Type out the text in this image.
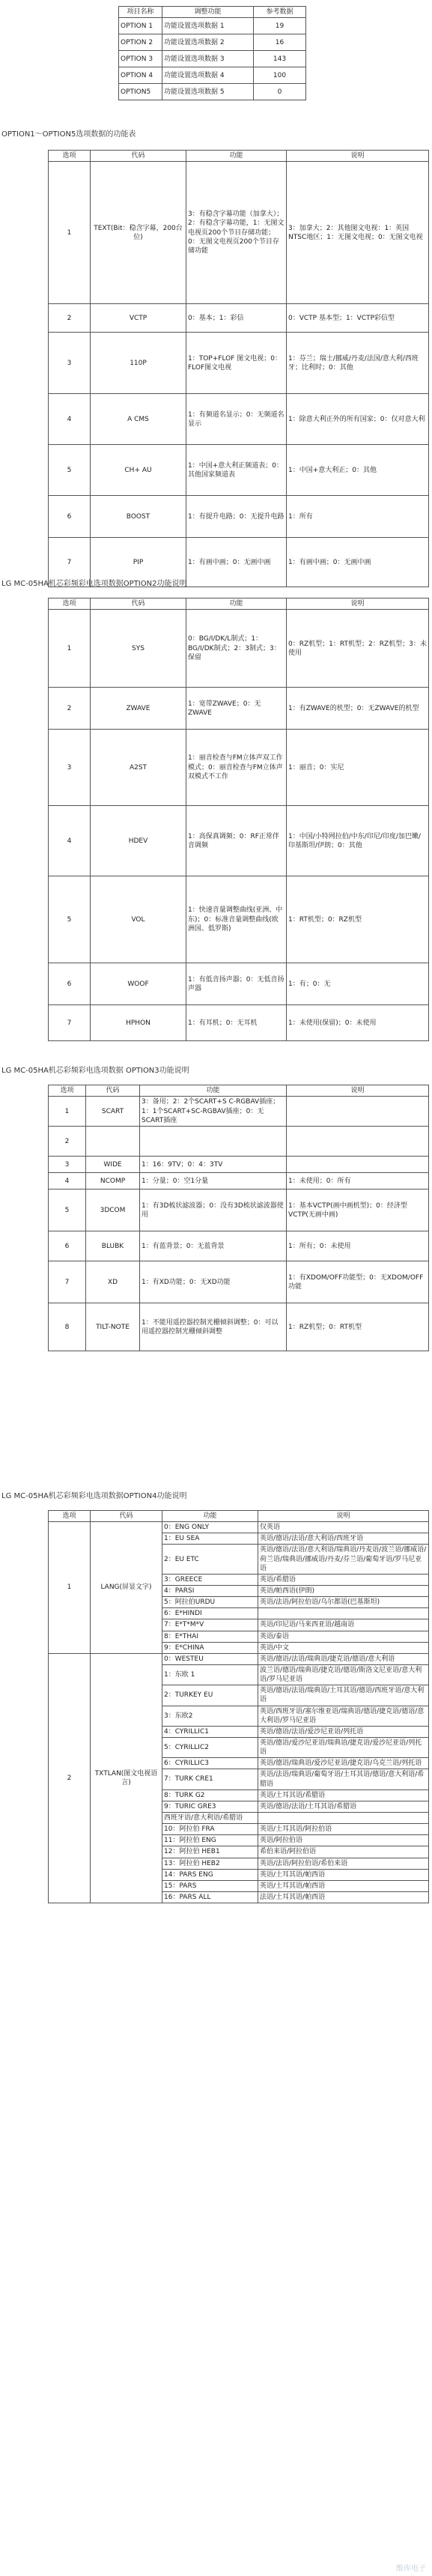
项目名称	调整功能	参考数据
OPTION 1	功能设置选项数据 1	19
OPTION 2	功能设置选项数据 2	16
OPTION 3	功能设置选项数据 3	143
OPTION 4	功能设置选项数据 4	100
OPTION5	功能设置选项数据 5	0
OPTION1～OPTION5选项数据的功能表
选项	代码	功能	说明
1	TEXT(Bit：稳含字幕，200台位)	3：有稳含字幕功能（加拿大）；2：有稳含字幕功能，1：无图文电视页200个节目存储功能；0：无图文电视页200个节目存储功能	3：加拿大；2：其他图文电视：1：英国NTSC地区；1：无图文电视；0：无图文电视
2	VCTP	0：基本；1：彩信	0：VCTP 基本型；1：VCTP彩信型
3	110P	1：TOP+FLOF 图文电视；0：FLOF图文电视	1：芬兰；瑞士/挪威/丹麦/法国/意大利/西班牙；比利时；0：其他
4	A CMS	1：有频道名显示；0：无频道名显示	1：除意大利正外的所有国家；0：仅对意大利
5	CH+ AU	1：中国+意大利正频道表；0：其他国家频道表	1：中国+意大利正；0：其他
6	BOOST	1：有提升电路；0：无提升电路	1：所有
7	PIP	1：有画中画；0：无画中画	1：有画中画；0：无画中画
LG MC-05HA机芯彩频彩电选项数据OPTION2功能说明
选项	代码	功能	说明
1	SYS	0：BG/I/DK/L制式；1：BG/I/DK制式；2：3制式；3：保留	0：RZ机型；1：RT机型；2：RZ机型；3：未使用
2	ZWAVE	1：宽带ZWAVE；0：无ZWAVE	1：有ZWAVE的机型；0：无ZWAVE的机型
3	A2ST	1：丽音检查与FM立体声双工作模式；0：丽音检查与FM立体声双模式不工作	1：丽音；0：实尼
4	HDEV	1：高保真调频；0：RF正常伴音调频	1：中国/小特网拉伯/中东/印尼/印度/加巴嫩/印基斯坦/伊朗；0：其他
5	VOL	1：快速音量调整曲线(亚洲、中东)；0：标准音量调整曲线(欧洲国、低罗斯)	1：RT机型；0：RZ机型
6	WOOF	1：有低音扬声器；0：无低音扬声器	1：有；0：无
7	HPHON	1：有耳机；0：无耳机	1：未使用(保留)；0：未使用
LG MC-05HA机芯彩频彩电选项数据 OPTION3功能说明
选项	代码	功能	说明
1	SCART	3：备用；2：2个SCART+S C-RGBAV插座；1：1个SCART+SC-RGBAV插座；0：无SCART插座	
2			
3	WIDE	1：16：9TV；0：4：3TV	
4	NCOMP	1：分量；0：空1分量	1：未使用；0：所有
5	3DCOM	1：有3D梳状滤波器；0：没有3D梳状滤波器使用	1：基本VCTP(画中画机型)；0：经济型VCTP(无画中画)
6	BLUBK	1：有蓝背景；0：无蓝背景	1：所有；0：未使用
7	XD	1：有XD功能；0：无XD功能	1：有XDOM/OFF功能型；0：无XDOM/OFF功能
8	TILT-NOTE	1：不能用遥控器控制光栅倾斜调整；0：可以用遥控器控制光栅倾斜调整	1：RZ机型；0：RT机型
LG MC-05HA机芯彩频彩电选项数据OPTION4功能说明
选项	代码	功能	说明
1	LANG(屏显文字)	0：ENG ONLY	仅英语
		1：EU SEA	英语/德语/法语/意大利语/西班牙语
		2：EU ETC	英语/德语/法语/意大利语/瑞典语/丹麦语/波兰语/挪威语/荷兰语/瑞典语/挪威语/丹麦/芬兰语/葡萄牙语/罗马尼亚语
		3：GREECE	英语/希腊语
		4：PARSI	英语/帕西语(伊朗)
		5：阿拉伯URDU	英语/法语/阿拉伯语/乌尔都语(巴基斯坦)
		6：E*HINDI	
		7：E*T*M*V	英语/印尼语/马来西亚语/越南语
		8：E*THAI	英语/泰语
		9：E*CHINA	英语/中文
2	TXTLAN(图文电视语言)	0：WESTEU	英语/德语/法语/瑞典语/捷克语/德语/意大利语
		1：东欧 1	波兰语/德语/瑞典语/捷克语/德语/斯洛文尼亚语/意大利语/罗马尼亚语
		2：TURKEY EU	英语/德语/法语/瑞典语/土耳其语/德语/西班牙语/意大利语
		3：东欧2	英语/西班牙语/塞尔维亚语/瑞典语/德语/捷克语/德语/意大利语/罗马尼亚语
		4：CYRILLIC1	英语/德语/法语/爱沙尼亚语/列托语
		5：CYRILLIC2	英语/德语/爱沙尼亚语/瑞典语/捷克语/爱沙尼亚语/列托语
		6：CYRILLIC3	英语/德语/瑞典语/爱沙尼亚语/捷克语/乌克兰语/列托语
		7：TURK CRE1	英语/法语/瑞典语/葡萄牙语/土耳其语/德语/意大利语/希腊语
		8：TURK G2	英语/土耳其语/希腊语
		9：TURIC GRE3	英语/德语/法语/土耳其语/希腊语
		西班牙语/意大利语/希腊语	
		10：阿拉伯 FRA	英语/土耳其语/阿拉伯语
		11：阿拉伯 ENG	英语/阿拉伯语
		12：阿拉伯 HEB1	希伯来语/阿拉伯语
		13：阿拉伯 HEB2	英语/法语/阿拉伯语/希伯来语
		14：PARS ENG	英语/土耳其语/帕西语
		15：PARS	英语/土耳其语/帕西语
		16：PARS ALL	法语/土耳其语/帕西语
维库电子
